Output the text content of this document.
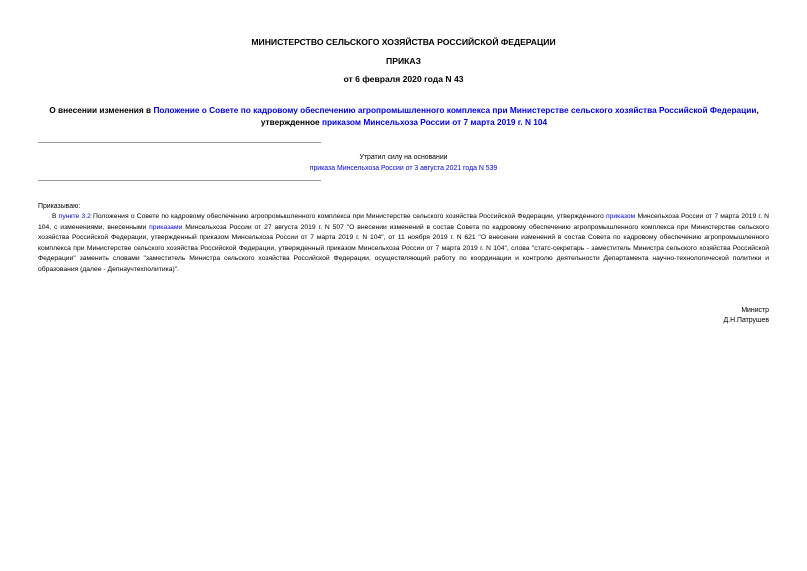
МИНИСТЕРСТВО СЕЛЬСКОГО ХОЗЯЙСТВА РОССИЙСКОЙ ФЕДЕРАЦИИ
ПРИКАЗ
от 6 февраля 2020 года N 43
О внесении изменения в Положение о Совете по кадровому обеспечению агропромышленного комплекса при Министерстве сельского хозяйства Российской Федерации, утвержденное приказом Минсельхоза России от 7 марта 2019 г. N 104
Утратил силу на основании
приказа Минсельхоза России от 3 августа 2021 года N 539
Приказываю:
В пункте 3.2 Положения о Совете по кадровому обеспечению агропромышленного комплекса при Министерстве сельского хозяйства Российской Федерации, утвержденного приказом Минсельхоза России от 7 марта 2019 г. N 104, с изменениями, внесенными приказами Минсельхоза России от 27 августа 2019 г. N 507 "О внесении изменений в состав Совета по кадровому обеспечению агропромышленного комплекса при Министерстве сельского хозяйства Российской Федерации, утвержденный приказом Минсельхоза России от 7 марта 2019 г. N 104", от 11 ноября 2019 г. N 621 "О внесении изменений в состав Совета по кадровому обеспечению агропромышленного комплекса при Министерстве сельского хозяйства Российской Федерации, утвержденный приказом Минсельхоза России от 7 марта 2019 г. N 104", слова "статс-секретарь - заместитель Министра сельского хозяйства Российской Федерации" заменить словами "заместитель Министра сельского хозяйства Российской Федерации, осуществляющий работу по координации и контролю деятельности Департамента научно-технологической политики и образования (далее - Депнаучтехполитика)".
Министр
Д.Н.Патрушев
